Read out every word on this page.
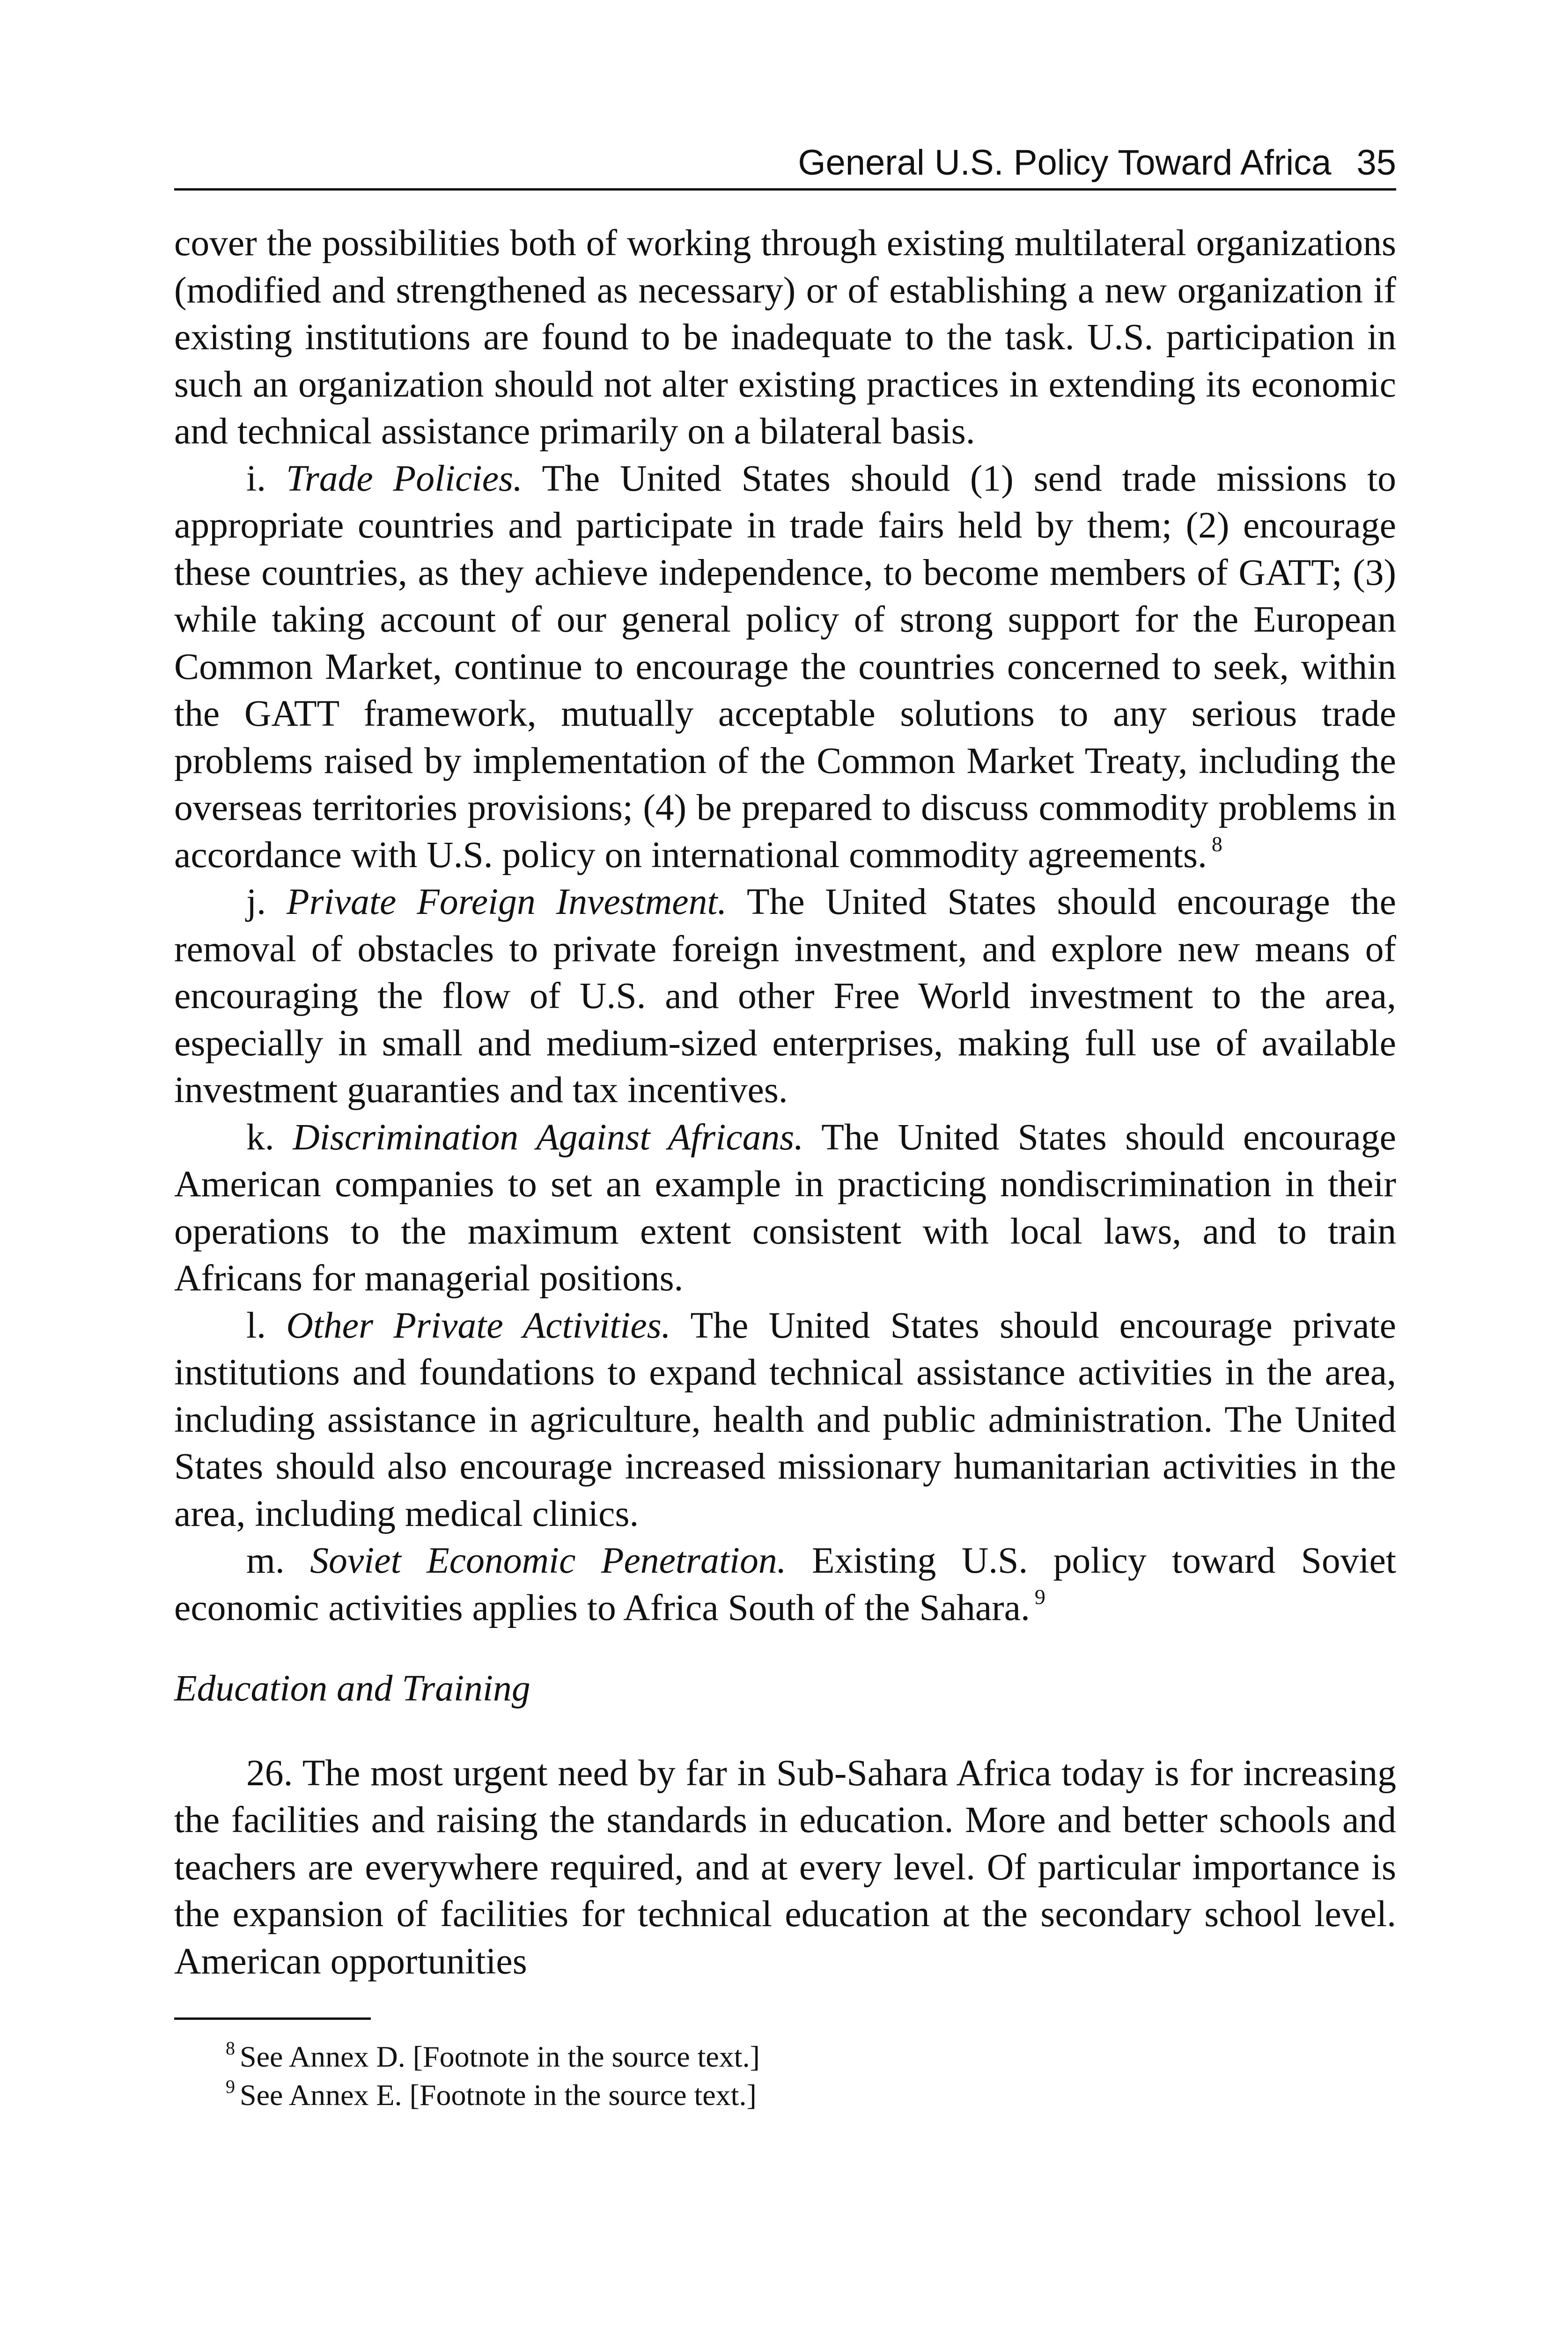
General U.S. Policy Toward Africa 35

cover the possibilities both of working through existing multilateral organizations (modified and strengthened as necessary) or of establishing a new organization if existing institutions are found to be inadequate to the task. U.S. participation in such an organization should not alter existing practices in extending its economic and technical assistance primarily on a bilateral basis.

i. Trade Policies. The United States should (1) send trade missions to appropriate countries and participate in trade fairs held by them; (2) encourage these countries, as they achieve independence, to become members of GATT; (3) while taking account of our general policy of strong support for the European Common Market, continue to encourage the countries concerned to seek, within the GATT framework, mutually acceptable solutions to any serious trade problems raised by implementation of the Common Market Treaty, including the overseas territories provisions; (4) be prepared to discuss commodity problems in accordance with U.S. policy on international commodity agreements. $^8$

j. Private Foreign Investment. The United States should encourage the removal of obstacles to private foreign investment, and explore new means of encouraging the flow of U.S. and other Free World investment to the area, especially in small and medium-sized enterprises, making full use of available investment guaranties and tax incentives.

k. Discrimination Against Africans. The United States should encourage American companies to set an example in practicing nondiscrimination in their operations to the maximum extent consistent with local laws, and to train Africans for managerial positions.

l. Other Private Activities. The United States should encourage private institutions and foundations to expand technical assistance activities in the area, including assistance in agriculture, health and public administration. The United States should also encourage increased missionary humanitarian activities in the area, including medical clinics.

m. Soviet Economic Penetration. Existing U.S. policy toward Soviet economic activities applies to Africa South of the Sahara. $^9$

Education and Training

26. The most urgent need by far in Sub-Sahara Africa today is for increasing the facilities and raising the standards in education. More and better schools and teachers are everywhere required, and at every level. Of particular importance is the expansion of facilities for technical education at the secondary school level. American opportunities

$^8$ See Annex D. [Footnote in the source text.]
$^9$ See Annex E. [Footnote in the source text.]
